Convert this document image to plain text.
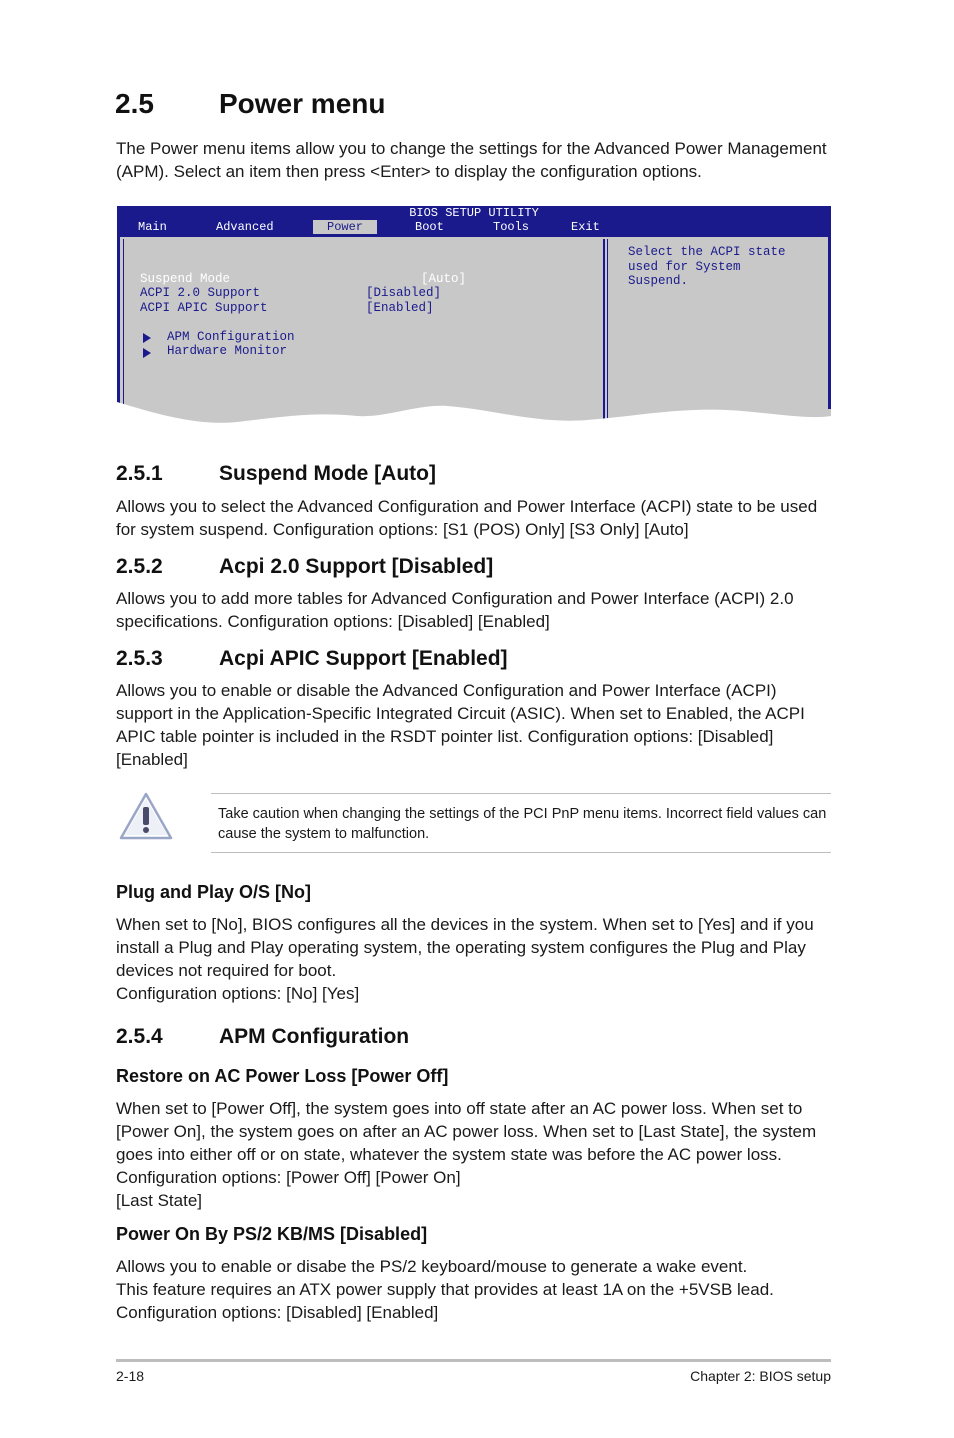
2.5 Power menu

The Power menu items allow you to change the settings for the Advanced Power Management (APM). Select an item then press <Enter> to display the configuration options.

BIOS SETUP UTILITY
Main	Advanced	Power	Boot	Tools	Exit
Suspend Mode	[Auto]
ACPI 2.0 Support	[Disabled]
ACPI APIC Support	[Enabled]
APM Configuration
Hardware Monitor
Select the ACPI state
used for System
Suspend.
2.5.1	Suspend Mode [Auto]

Allows you to select the Advanced Configuration and Power Interface (ACPI) state to be used for system suspend. Configuration options: [S1 (POS) Only] [S3 Only] [Auto]

2.5.2	Acpi 2.0 Support [Disabled]

Allows you to add more tables for Advanced Configuration and Power Interface (ACPI) 2.0 specifications. Configuration options: [Disabled] [Enabled]

2.5.3	Acpi APIC Support [Enabled]

Allows you to enable or disable the Advanced Configuration and Power Interface (ACPI) support in the Application-Specific Integrated Circuit (ASIC). When set to Enabled, the ACPI APIC table pointer is included in the RSDT pointer list. Configuration options: [Disabled] [Enabled]

Take caution when changing the settings of the PCI PnP menu items. Incorrect field values can cause the system to malfunction.

Plug and Play O/S [No]

When set to [No], BIOS configures all the devices in the system. When set to [Yes] and if you install a Plug and Play operating system, the operating system configures the Plug and Play devices not required for boot.

Configuration options: [No] [Yes]

2.5.4	APM Configuration
Restore on AC Power Loss [Power Off]

When set to [Power Off], the system goes into off state after an AC power loss. When set to [Power On], the system goes on after an AC power loss. When set to [Last State], the system goes into either off or on state, whatever the system state was before the AC power loss.

Configuration options: [Power Off] [Power On]

[Last State]

Power On By PS/2 KB/MS [Disabled]

Allows you to enable or disabe the PS/2 keyboard/mouse to generate a wake event.

This feature requires an ATX power supply that provides at least 1A on the +5VSB lead.

Configuration options: [Disabled] [Enabled]

2-18	Chapter 2: BIOS setup
